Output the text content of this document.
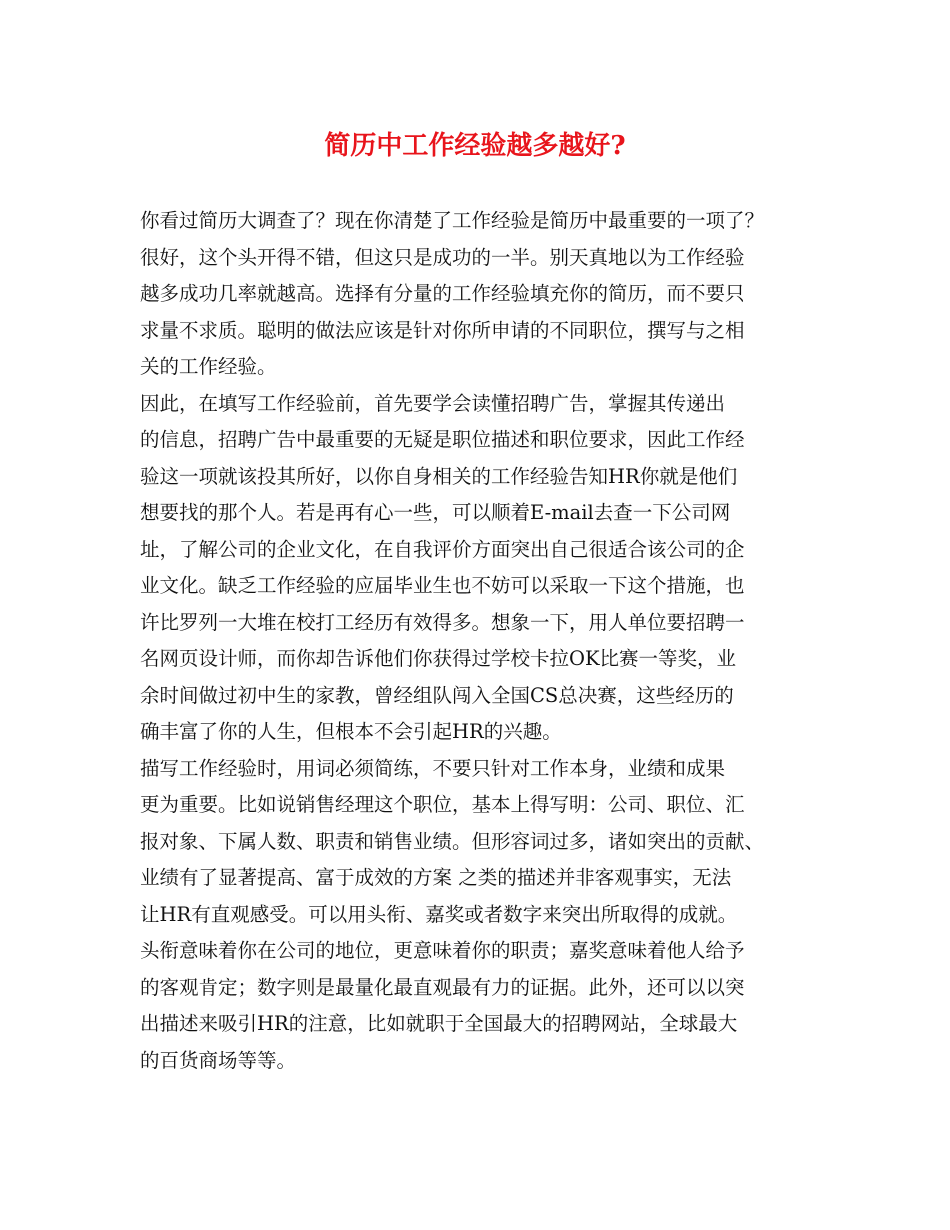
简历中工作经验越多越好?

你看过简历大调查了？现在你清楚了工作经验是简历中最重要的一项了？
很好，这个头开得不错，但这只是成功的一半。别天真地以为工作经验
越多成功几率就越高。选择有分量的工作经验填充你的简历，而不要只
求量不求质。聪明的做法应该是针对你所申请的不同职位，撰写与之相
关的工作经验。

因此，在填写工作经验前，首先要学会读懂招聘广告，掌握其传递出
的信息，招聘广告中最重要的无疑是职位描述和职位要求，因此工作经
验这一项就该投其所好，以你自身相关的工作经验告知HR你就是他们
想要找的那个人。若是再有心一些，可以顺着E-mail去查一下公司网
址，了解公司的企业文化，在自我评价方面突出自己很适合该公司的企
业文化。缺乏工作经验的应届毕业生也不妨可以采取一下这个措施，也
许比罗列一大堆在校打工经历有效得多。想象一下，用人单位要招聘一
名网页设计师，而你却告诉他们你获得过学校卡拉OK比赛一等奖，业
余时间做过初中生的家教，曾经组队闯入全国CS总决赛，这些经历的
确丰富了你的人生，但根本不会引起HR的兴趣。

描写工作经验时，用词必须简练，不要只针对工作本身，业绩和成果
更为重要。比如说销售经理这个职位，基本上得写明：公司、职位、汇
报对象、下属人数、职责和销售业绩。但形容词过多，诸如突出的贡献、
业绩有了显著提高、富于成效的方案 之类的描述并非客观事实，无法
让HR有直观感受。可以用头衔、嘉奖或者数字来突出所取得的成就。
头衔意味着你在公司的地位，更意味着你的职责；嘉奖意味着他人给予
的客观肯定；数字则是最量化最直观最有力的证据。此外，还可以以突
出描述来吸引HR的注意，比如就职于全国最大的招聘网站，全球最大
的百货商场等等。
